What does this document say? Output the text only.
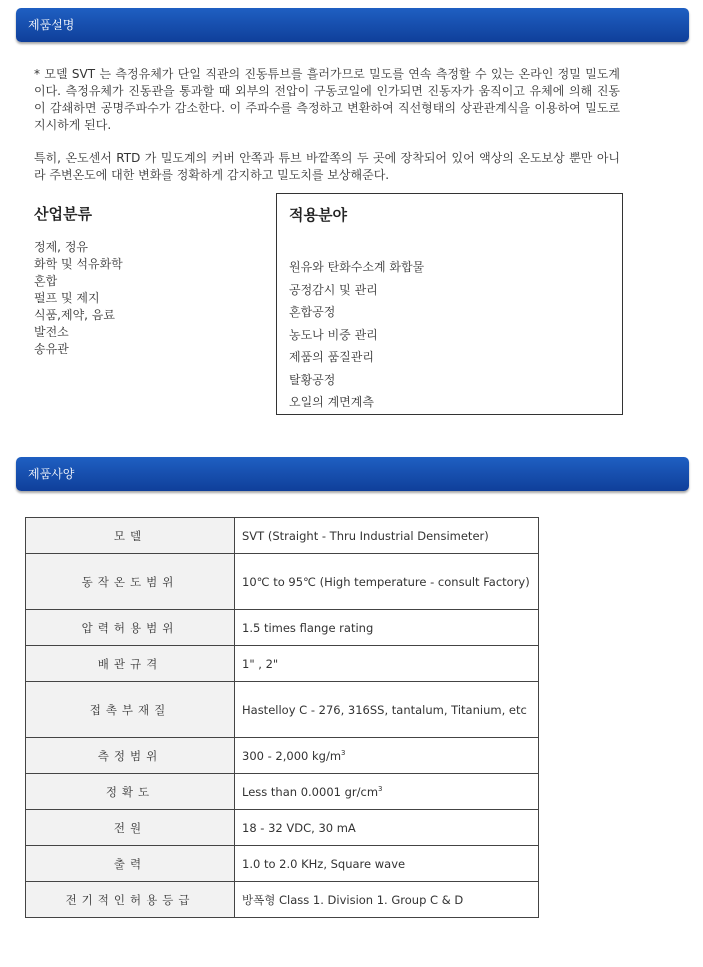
제품설명

* 모델 SVT 는 측정유체가 단일 직관의 진동튜브를 흘러가므로 밀도를 연속 측정할 수 있는 온라인 정밀 밀도계이다. 측정유체가 진동관을 통과할 때 외부의 전압이 구동코일에 인가되면 진동자가 움직이고 유체에 의해 진동이 감쇄하면 공명주파수가 감소한다. 이 주파수를 측정하고 변환하여 직선형태의 상관관계식을 이용하여 밀도로 지시하게 된다.

특히, 온도센서 RTD 가 밀도계의 커버 안쪽과 튜브 바깥쪽의 두 곳에 장착되어 있어 액상의 온도보상 뿐만 아니라 주변온도에 대한 변화를 정확하게 감지하고 밀도치를 보상해준다.

산업분류
정제, 정유
화학 및 석유화학
혼합
펄프 및 제지
식품,제약, 음료
발전소
송유관
적용분야
원유와 탄화수소계 화합물
공정감시 및 관리
혼합공정
농도나 비중 관리
제품의 품질관리
탈황공정
오일의 계면계측
제품사양
모델	SVT (Straight - Thru Industrial Densimeter)
동작온도범위	10℃ to 95℃ (High temperature - consult Factory)
압력허용범위	1.5 times flange rating
배관규격	1" , 2"
접촉부재질	Hastelloy C - 276, 316SS, tantalum, Titanium, etc
측정범위	300 - 2,000 $kg/m^3$
정확도	Less than 0.0001 $gr/cm^3$
전원	18 - 32 VDC, 30 mA
출력	1.0 to 2.0 KHz, Square wave
전기적인허용등급	방폭형 Class 1. Division 1. Group C & D
